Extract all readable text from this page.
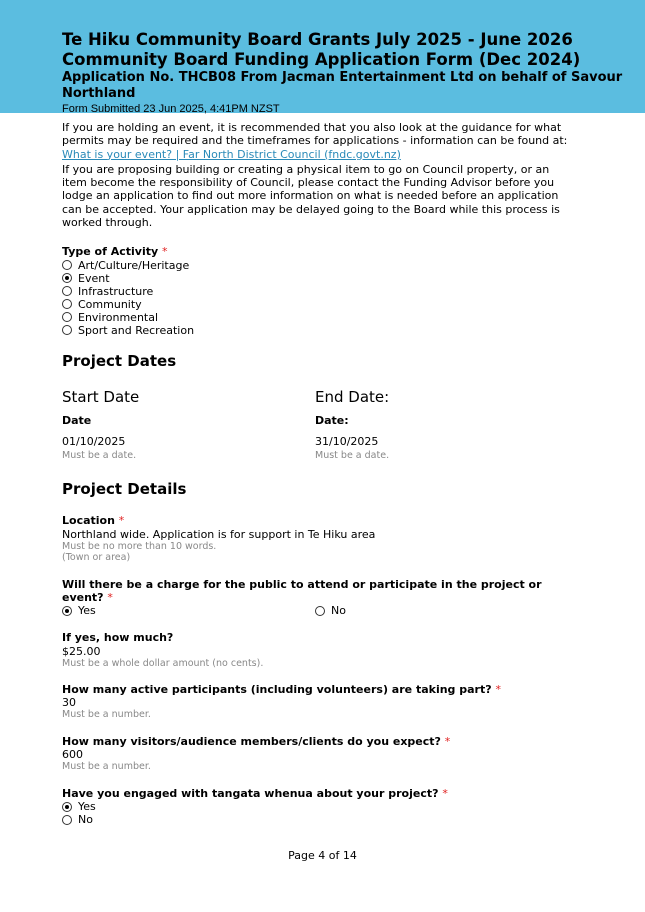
Te Hiku Community Board Grants July 2025 - June 2026
Community Board Funding Application Form (Dec 2024)
Application No. THCB08 From Jacman Entertainment Ltd on behalf of Savour Northland
Form Submitted 23 Jun 2025, 4:41PM NZST
If you are holding an event, it is recommended that you also look at the guidance for what permits may be required and the timeframes for applications - information can be found at:
What is your event? | Far North District Council (fndc.govt.nz)
If you are proposing building or creating a physical item to go on Council property, or an item become the responsibility of Council, please contact the Funding Advisor before you lodge an application to find out more information on what is needed before an application can be accepted. Your application may be delayed going to the Board while this process is worked through.
Type of Activity *
Art/Culture/Heritage
Event
Infrastructure
Community
Environmental
Sport and Recreation
Project Dates
Start Date
Date
01/10/2025
Must be a date.
End Date:
Date:
31/10/2025
Must be a date.
Project Details
Location *
Northland wide. Application is for support in Te Hiku area
Must be no more than 10 words.
(Town or area)
Will there be a charge for the public to attend or participate in the project or event? *
Yes	No
If yes, how much?
$25.00
Must be a whole dollar amount (no cents).
How many active participants (including volunteers) are taking part? *
30
Must be a number.
How many visitors/audience members/clients do you expect? *
600
Must be a number.
Have you engaged with tangata whenua about your project? *
Yes
No
Page 4 of 14
